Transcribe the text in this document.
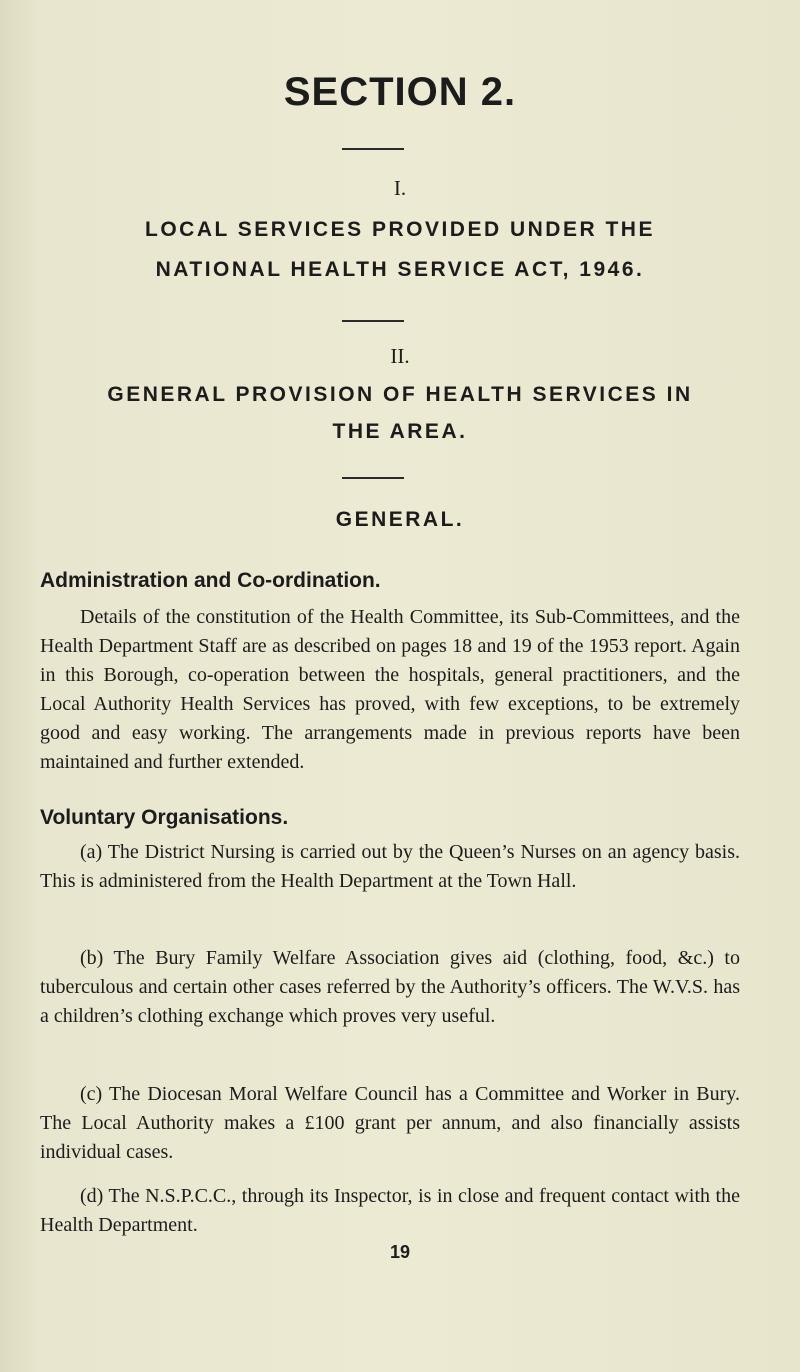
SECTION 2.
I.
LOCAL SERVICES PROVIDED UNDER THE
NATIONAL HEALTH SERVICE ACT, 1946.
II.
GENERAL PROVISION OF HEALTH SERVICES IN
THE AREA.
GENERAL.
Administration and Co-ordination.
Details of the constitution of the Health Committee, its Sub-Committees, and the Health Department Staff are as described on pages 18 and 19 of the 1953 report. Again in this Borough, co-operation between the hospitals, general practitioners, and the Local Authority Health Services has proved, with few exceptions, to be extremely good and easy working. The arrangements made in previous reports have been maintained and further extended.
Voluntary Organisations.
(a) The District Nursing is carried out by the Queen’s Nurses on an agency basis. This is administered from the Health Department at the Town Hall.
(b) The Bury Family Welfare Association gives aid (clothing, food, &c.) to tuberculous and certain other cases referred by the Authority’s officers. The W.V.S. has a children’s clothing exchange which proves very useful.
(c) The Diocesan Moral Welfare Council has a Committee and Worker in Bury. The Local Authority makes a £100 grant per annum, and also financially assists individual cases.
(d) The N.S.P.C.C., through its Inspector, is in close and frequent contact with the Health Department.
19
